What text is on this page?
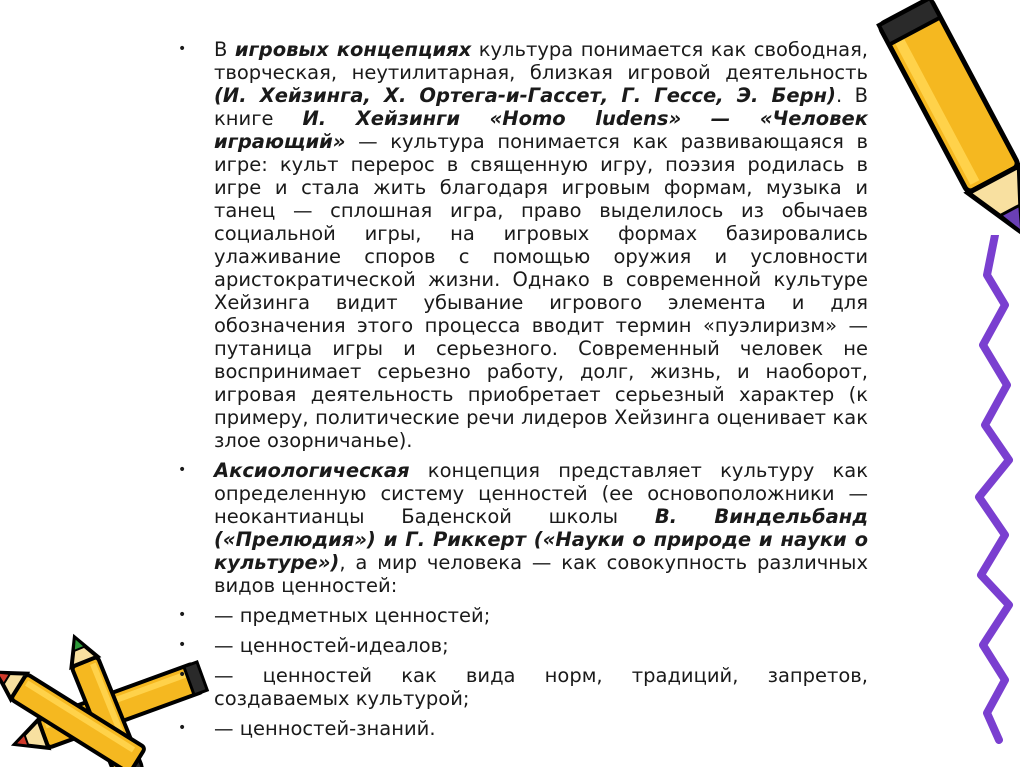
•	В игровых концепциях культура понимается как свободная, творческая, неутилитарная, близкая игровой деятельность (И. Хейзинга, Х. Ортега-и-Гассет, Г. Гессе, Э. Берн). В книге И. Хейзинги «Homo ludens» — «Человек играющий» — культура понимается как развивающаяся в игре: культ перерос в священную игру, поэзия родилась в игре и стала жить благодаря игровым формам, музыка и танец — сплошная игра, право выделилось из обычаев социальной игры, на игровых формах базировались улаживание споров с помощью оружия и условности аристократической жизни. Однако в современной культуре Хейзинга видит убывание игрового элемента и для обозначения этого процесса вводит термин «пуэлиризм» — путаница игры и серьезного. Современный человек не воспринимает серьезно работу, долг, жизнь, и наоборот, игровая деятельность приобретает серьезный характер (к примеру, политические речи лидеров Хейзинга оценивает как злое озорничанье).
•	Аксиологическая концепция представляет культуру как определенную систему ценностей (ее основоположники — неокантианцы Баденской школы В. Виндельбанд («Прелюдия») и Г. Риккерт («Науки о природе и науки о культуре»), а мир человека — как совокупность различных видов ценностей:
•	— предметных ценностей;
•	— ценностей-идеалов;
•	— ценностей как вида норм, традиций, запретов, создаваемых культурой;
•	— ценностей-знаний.
